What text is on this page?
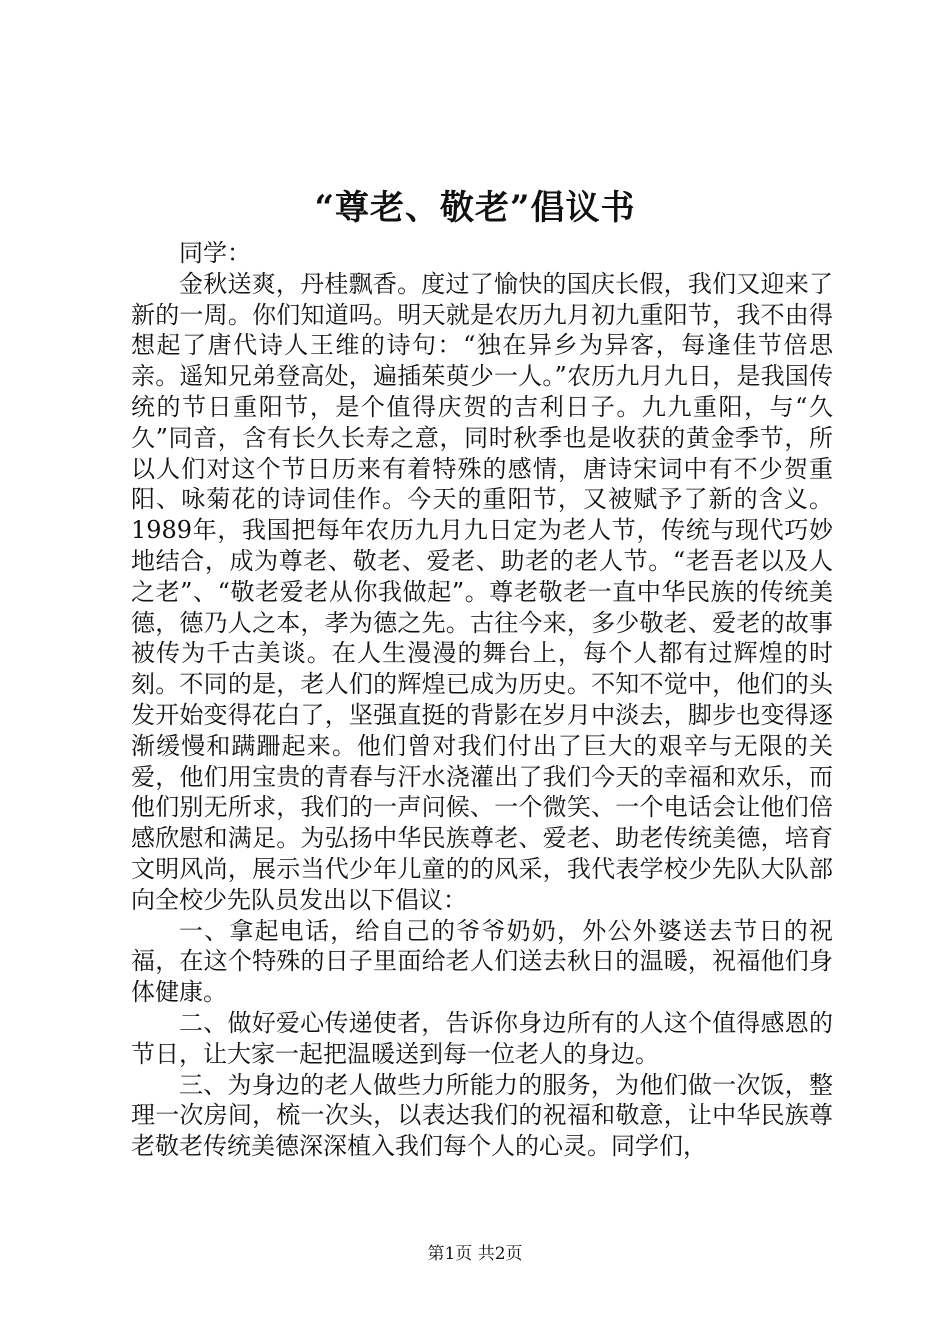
“尊老、敬老”倡议书

同学：

金秋送爽，丹桂飘香。度过了愉快的国庆长假，我们又迎来了新的一周。你们知道吗。明天就是农历九月初九重阳节，我不由得想起了唐代诗人王维的诗句：“独在异乡为异客，每逢佳节倍思亲。遥知兄弟登高处，遍插茱萸少一人。”农历九月九日，是我国传统的节日重阳节，是个值得庆贺的吉利日子。九九重阳，与“久久”同音，含有长久长寿之意，同时秋季也是收获的黄金季节，所以人们对这个节日历来有着特殊的感情，唐诗宋词中有不少贺重阳、咏菊花的诗词佳作。今天的重阳节，又被赋予了新的含义。1989年，我国把每年农历九月九日定为老人节，传统与现代巧妙地结合，成为尊老、敬老、爱老、助老的老人节。“老吾老以及人之老”、“敬老爱老从你我做起”。尊老敬老一直中华民族的传统美德，德乃人之本，孝为德之先。古往今来，多少敬老、爱老的故事被传为千古美谈。在人生漫漫的舞台上，每个人都有过辉煌的时刻。不同的是，老人们的辉煌已成为历史。不知不觉中，他们的头发开始变得花白了，坚强直挺的背影在岁月中淡去，脚步也变得逐渐缓慢和蹒跚起来。他们曾对我们付出了巨大的艰辛与无限的关爱，他们用宝贵的青春与汗水浇灌出了我们今天的幸福和欢乐，而他们别无所求，我们的一声问候、一个微笑、一个电话会让他们倍感欣慰和满足。为弘扬中华民族尊老、爱老、助老传统美德，培育文明风尚，展示当代少年儿童的的风采，我代表学校少先队大队部向全校少先队员发出以下倡议：

一、拿起电话，给自己的爷爷奶奶，外公外婆送去节日的祝福，在这个特殊的日子里面给老人们送去秋日的温暖，祝福他们身体健康。

二、做好爱心传递使者，告诉你身边所有的人这个值得感恩的节日，让大家一起把温暖送到每一位老人的身边。

三、为身边的老人做些力所能力的服务，为他们做一次饭，整理一次房间，梳一次头，以表达我们的祝福和敬意，让中华民族尊老敬老传统美德深深植入我们每个人的心灵。同学们，

第1页 共2页
